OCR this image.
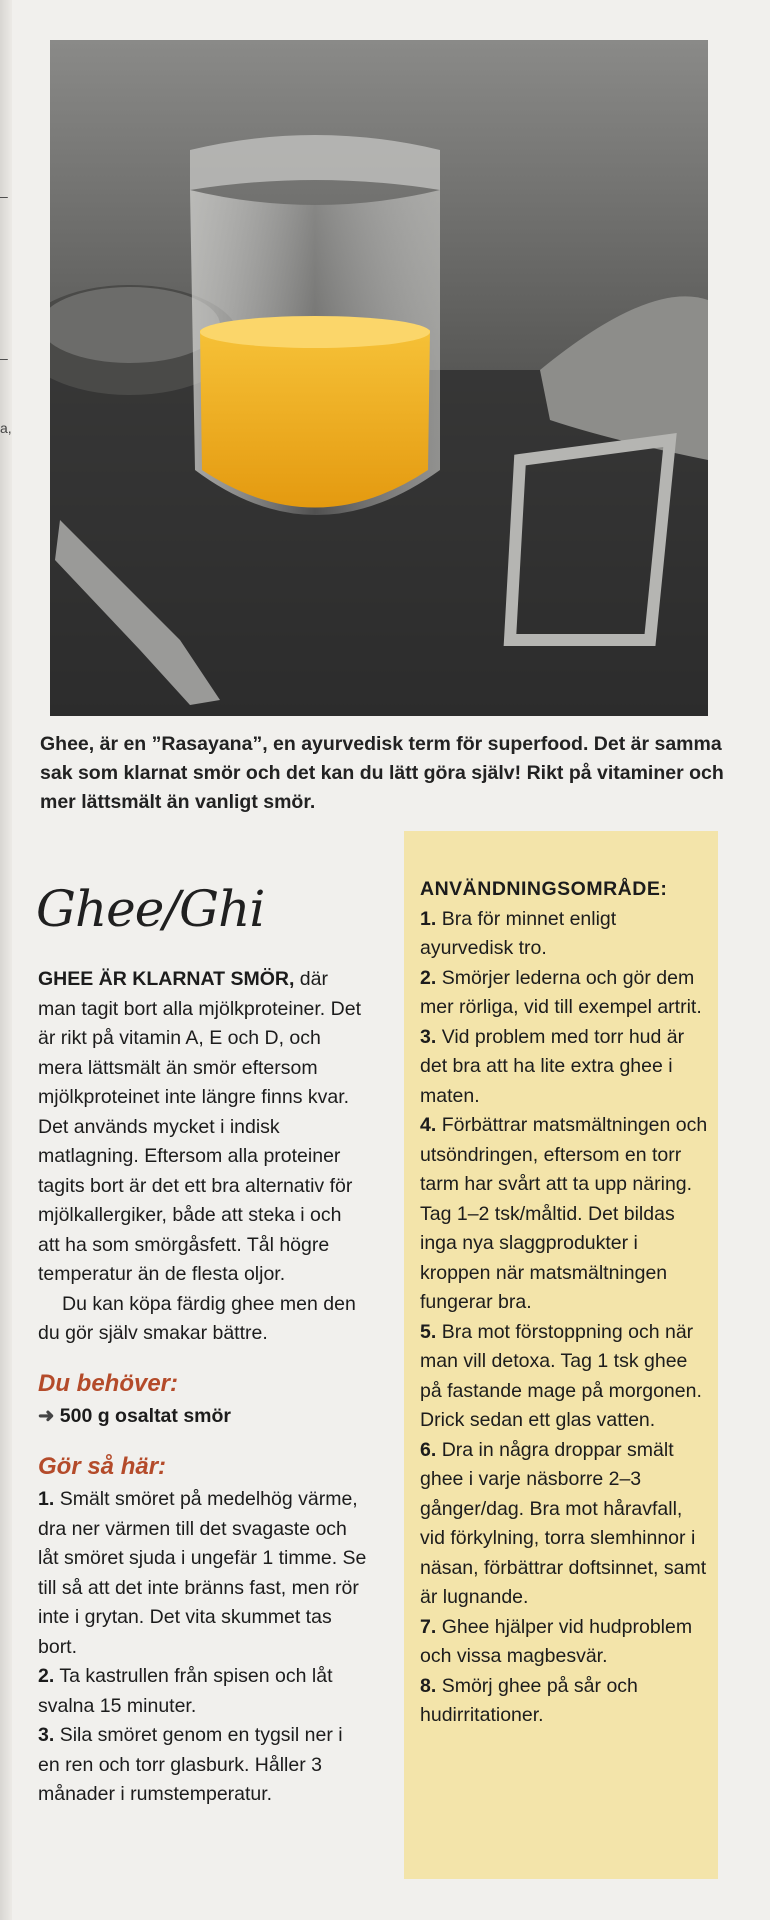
–
–
a,

Ghee, är en ”Rasayana”, en ayurvedisk term för superfood. Det är samma sak som klarnat smör och det kan du lätt göra själv! Rikt på vitaminer och mer lättsmält än vanligt smör.

Ghee/Ghi

GHEE ÄR KLARNAT SMÖR, där man tagit bort alla mjölkproteiner. Det är rikt på vitamin A, E och D, och mera lättsmält än smör eftersom mjölkproteinet inte längre finns kvar. Det används mycket i indisk matlagning. Eftersom alla proteiner tagits bort är det ett bra alternativ för mjölkallergiker, både att steka i och att ha som smörgåsfett. Tål högre temperatur än de flesta oljor.

Du kan köpa färdig ghee men den du gör själv smakar bättre.

Du behöver:
➜ 500 g osaltat smör
Gör så här:
1. Smält smöret på medelhög värme, dra ner värmen till det svagaste och låt smöret sjuda i ungefär 1 timme. Se till så att det inte bränns fast, men rör inte i grytan. Det vita skummet tas bort.
2. Ta kastrullen från spisen och låt svalna 15 minuter.
3. Sila smöret genom en tygsil ner i en ren och torr glasburk. Håller 3 månader i rumstemperatur.
ANVÄNDNINGSOMRÅDE:
1. Bra för minnet enligt ayurvedisk tro.
2. Smörjer lederna och gör dem mer rörliga, vid till exempel artrit.
3. Vid problem med torr hud är det bra att ha lite extra ghee i maten.
4. Förbättrar matsmältningen och utsöndringen, eftersom en torr tarm har svårt att ta upp näring. Tag 1–2 tsk/måltid. Det bildas inga nya slaggprodukter i kroppen när matsmältningen fungerar bra.
5. Bra mot förstoppning och när man vill detoxa. Tag 1 tsk ghee på fastande mage på morgonen. Drick sedan ett glas vatten.
6. Dra in några droppar smält ghee i varje näsborre 2–3 gånger/dag. Bra mot håravfall, vid förkylning, torra slemhinnor i näsan, förbättrar doftsinnet, samt är lugnande.
7. Ghee hjälper vid hudproblem och vissa magbesvär.
8. Smörj ghee på sår och hudirritationer.
